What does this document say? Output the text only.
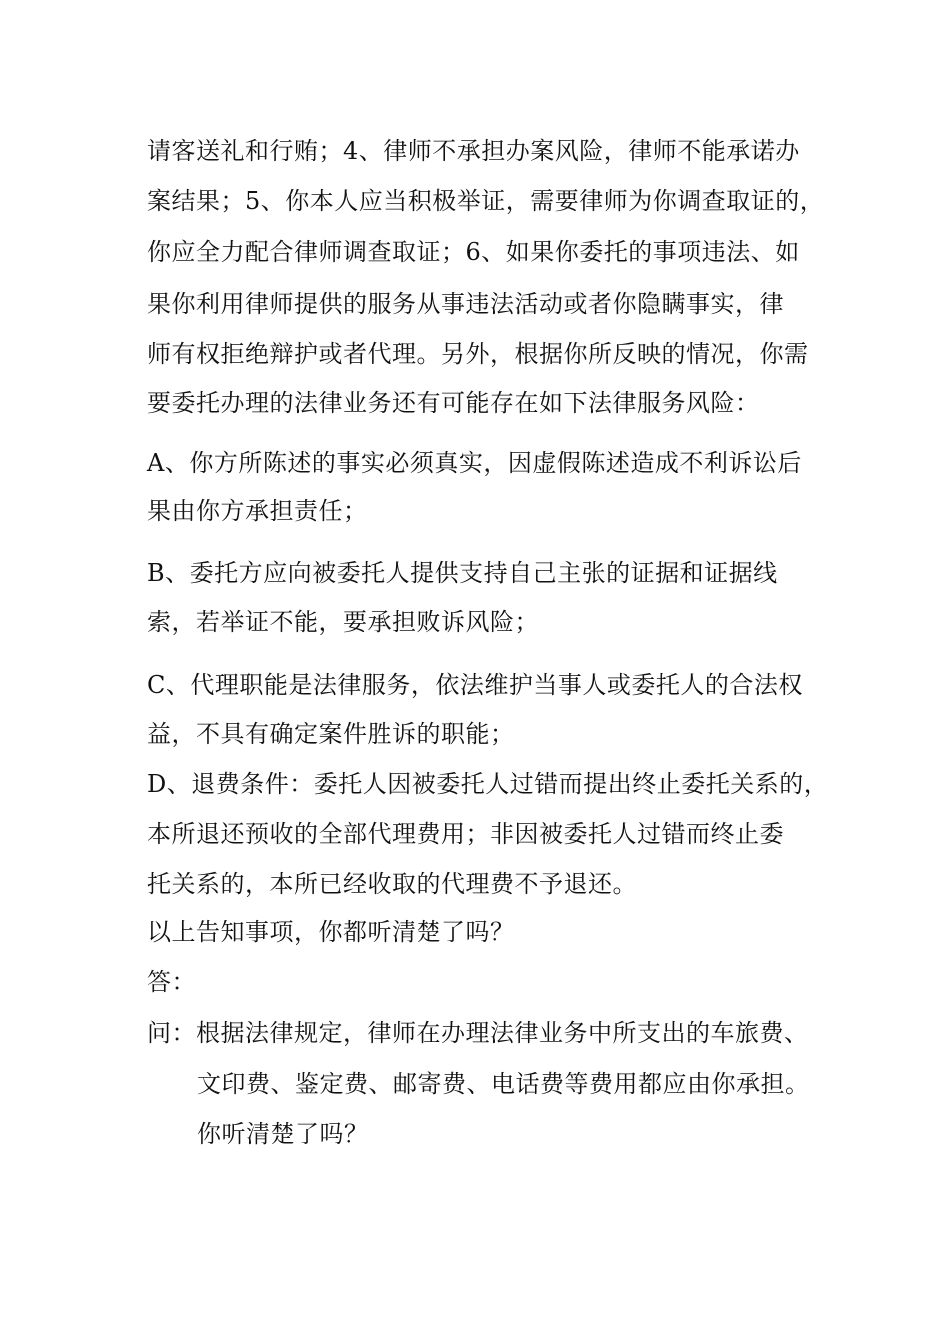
请客送礼和行贿；4、律师不承担办案风险，律师不能承诺办
案结果；5、你本人应当积极举证，需要律师为你调查取证的，
你应全力配合律师调查取证；6、如果你委托的事项违法、如
果你利用律师提供的服务从事违法活动或者你隐瞒事实，律
师有权拒绝辩护或者代理。另外，根据你所反映的情况，你需
要委托办理的法律业务还有可能存在如下法律服务风险：
A、你方所陈述的事实必须真实，因虚假陈述造成不利诉讼后
果由你方承担责任；
B、委托方应向被委托人提供支持自己主张的证据和证据线
索，若举证不能，要承担败诉风险；
C、代理职能是法律服务，依法维护当事人或委托人的合法权
益，不具有确定案件胜诉的职能；
D、退费条件：委托人因被委托人过错而提出终止委托关系的，
本所退还预收的全部代理费用；非因被委托人过错而终止委
托关系的，本所已经收取的代理费不予退还。
以上告知事项，你都听清楚了吗？
答：
问：根据法律规定，律师在办理法律业务中所支出的车旅费、
文印费、鉴定费、邮寄费、电话费等费用都应由你承担。
你听清楚了吗？
